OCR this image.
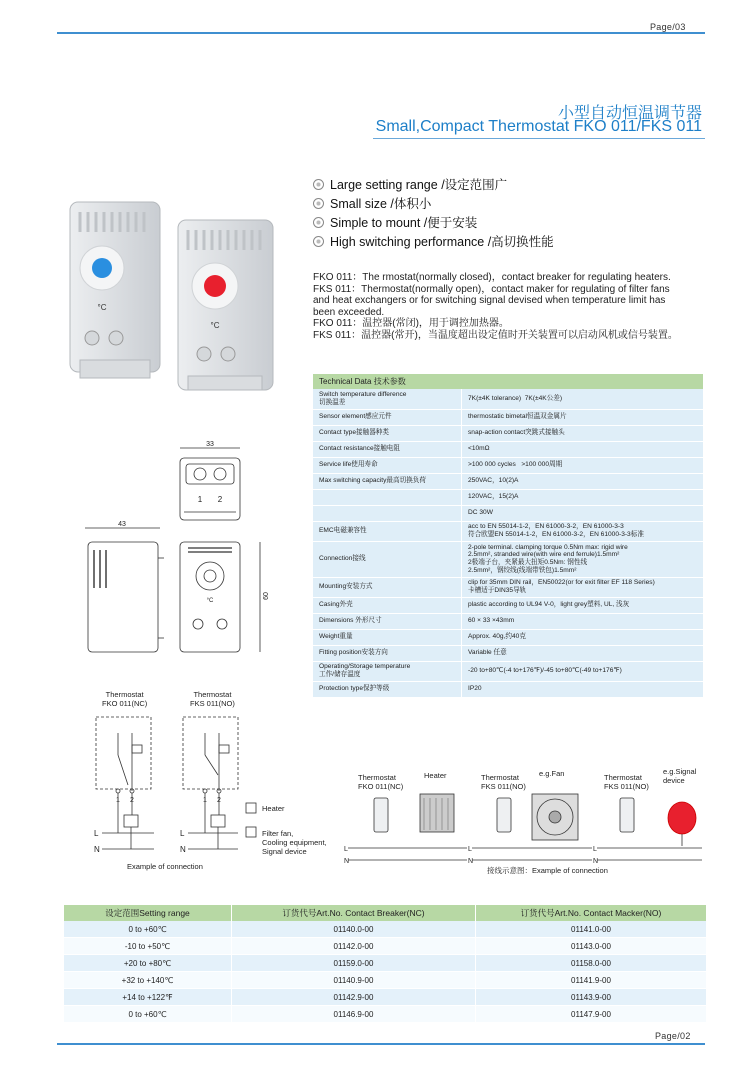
Page/03
小型自动恒温调节器
Small,Compact Thermostat FKO 011/FKS 011
°C
°C
Large setting range /设定范围广
Small size /体积小
Simple to mount /便于安装
High switching performance /高切换性能
FKO 011：The rmostat(normally closed)，contact breaker for regulating heaters.
FKS 011：Thermostat(normally open)，contact maker for regulating of filter fans
and heat exchangers or for switching signal devised when temperature limit has
been exceeded.
FKO 011：温控器(常闭)，用于调控加热器。
FKS 011：温控器(常开)，当温度超出设定值时开关装置可以启动风机或信号装置。
Technical Data 技术参数	
Switch temperature difference
切换温差	7K(±4K tolerance)  7K(±4K公差)
Sensor element感应元件	thermostatic bimetal恒温双金属片
Contact type接触器种类	snap-action contact突跳式接触头
Contact resistance接触电阻	<10mΩ
Service life使用寿命	>100 000 cycles   >100 000周期
Max switching capacity最高切换负荷	250VAC，10(2)A
	120VAC，15(2)A
	DC 30W
EMC电磁兼容性	acc to EN 55014-1-2，EN 61000-3-2，EN 61000-3-3
符合欧盟EN 55014-1-2，EN 61000-3-2，EN 61000-3-3标准
Connection接线	2-pole terminal. clamping torque 0.5Nm max: rigid wire
2.5mm², stranded wire(with wire end ferrule)1.5mm²
2极端子台，夹紧最大扭矩0.5Nm: 钢性线
2.5mm²，钢绞线(线端带铁包)1.5mm²
Mounting安装方式	clip for 35mm DIN rail，EN50022(or for exit filter EF 118 Series)
卡槽适于DIN35导轨
Casing外壳	plastic according to UL94 V-0，light grey塑料, UL, 浅灰
Dimensions 外形尺寸	60 × 33 ×43mm
Weight重量	Approx. 40g,约40克
Fitting position安装方向	Variable 任意
Operating/Storage temperature
工作/储存温度	-20 to+80℃(-4 to+176℉)/-45 to+80℃(-49 to+176℉)
Protection type保护等级	IP20
33
1 2
43
°C
60
Thermostat
FKO 011(NC)
Thermostat
FKS 011(NO)
1 2	1 2
L
N
L
N
Heater
Filter fan,
Cooling equipment,
Signal device
Example of connection
Thermostat
FKO 011(NC)
Heater	Thermostat
FKS 011(NO)
e.g.Fan	Thermostat
FKS 011(NO)
e.g.Signal
device
L
N
L
N
L
N
接线示意图：Example of connection
设定范围Setting range	订货代号Art.No. Contact Breaker(NC)	订货代号Art.No. Contact Macker(NO)
0 to +60℃	01140.0-00	01141.0-00
-10 to +50℃	01142.0-00	01143.0-00
+20 to +80℃	01159.0-00	01158.0-00
+32 to +140℃	01140.9-00	01141.9-00
+14 to +122℉	01142.9-00	01143.9-00
0 to +60℃	01146.9-00	01147.9-00
Page/02
